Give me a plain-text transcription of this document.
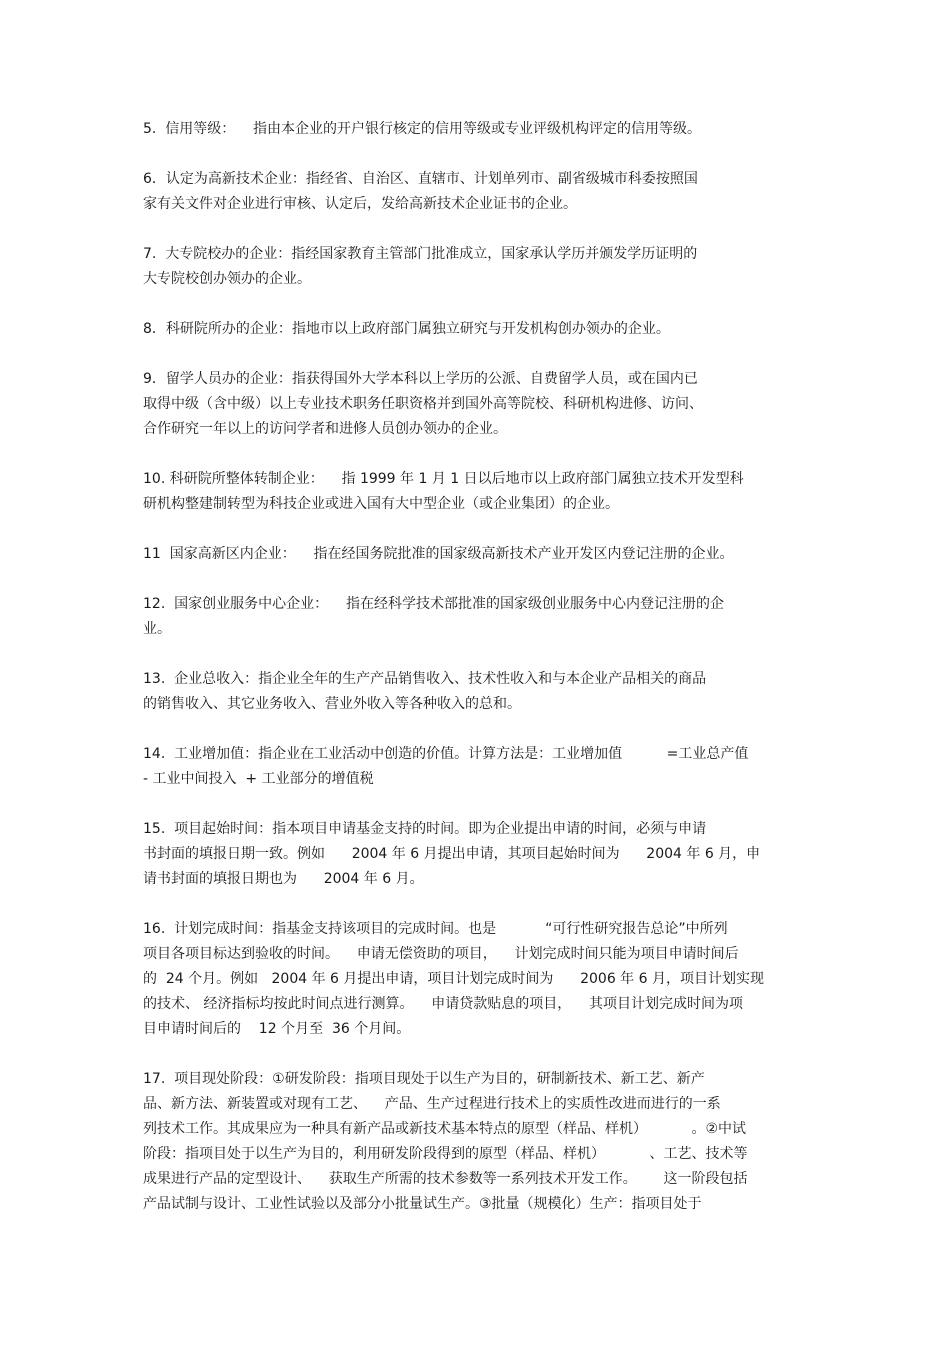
5.  信用等级：    指由本企业的开户银行核定的信用等级或专业评级机构评定的信用等级。
6．认定为高新技术企业：指经省、自治区、直辖市、计划单列市、副省级城市科委按照国
家有关文件对企业进行审核、认定后，发给高新技术企业证书的企业。
7.  大专院校办的企业：指经国家教育主管部门批准成立，国家承认学历并颁发学历证明的
大专院校创办领办的企业。
8．科研院所办的企业：指地市以上政府部门属独立研究与开发机构创办领办的企业。
9．留学人员办的企业：指获得国外大学本科以上学历的公派、自费留学人员，或在国内已
取得中级（含中级）以上专业技术职务任职资格并到国外高等院校、科研机构进修、访问、
合作研究一年以上的访问学者和进修人员创办领办的企业。
10. 科研院所整体转制企业：    指 1999 年 1 月 1 日以后地市以上政府部门属独立技术开发型科
研机构整建制转型为科技企业或进入国有大中型企业（或企业集团）的企业。
11  国家高新区内企业：    指在经国务院批准的国家级高新技术产业开发区内登记注册的企业。
12.  国家创业服务中心企业：    指在经科学技术部批准的国家级创业服务中心内登记注册的企
业。
13.  企业总收入：指企业全年的生产产品销售收入、技术性收入和与本企业产品相关的商品
的销售收入、其它业务收入、营业外收入等各种收入的总和。
14.  工业增加值：指企业在工业活动中创造的价值。计算方法是：工业增加值          =工业总产值
- 工业中间投入  + 工业部分的增值税
15.  项目起始时间：指本项目申请基金支持的时间。即为企业提出申请的时间，必须与申请
书封面的填报日期一致。例如      2004 年 6 月提出申请，其项目起始时间为      2004 年 6 月，申
请书封面的填报日期也为      2004 年 6 月。
16.  计划完成时间：指基金支持该项目的完成时间。也是           “可行性研究报告总论”中所列
项目各项目标达到验收的时间。    申请无偿资助的项目，    计划完成时间只能为项目申请时间后
的  24 个月。例如   2004 年 6 月提出申请，项目计划完成时间为      2006 年 6 月，项目计划实现
的技术、 经济指标均按此时间点进行测算。    申请贷款贴息的项目，    其项目计划完成时间为项
目申请时间后的    12 个月至  36 个月间。
17.  项目现处阶段：①研发阶段：指项目现处于以生产为目的，研制新技术、新工艺、新产
品、新方法、新装置或对现有工艺、    产品、生产过程进行技术上的实质性改进而进行的一系
列技术工作。其成果应为一种具有新产品或新技术基本特点的原型（样品、样机）          。②中试
阶段：指项目处于以生产为目的，利用研发阶段得到的原型（样品、样机）          、工艺、技术等
成果进行产品的定型设计、    获取生产所需的技术参数等一系列技术开发工作。      这一阶段包括
产品试制与设计、工业性试验以及部分小批量试生产。③批量（规模化）生产：指项目处于
